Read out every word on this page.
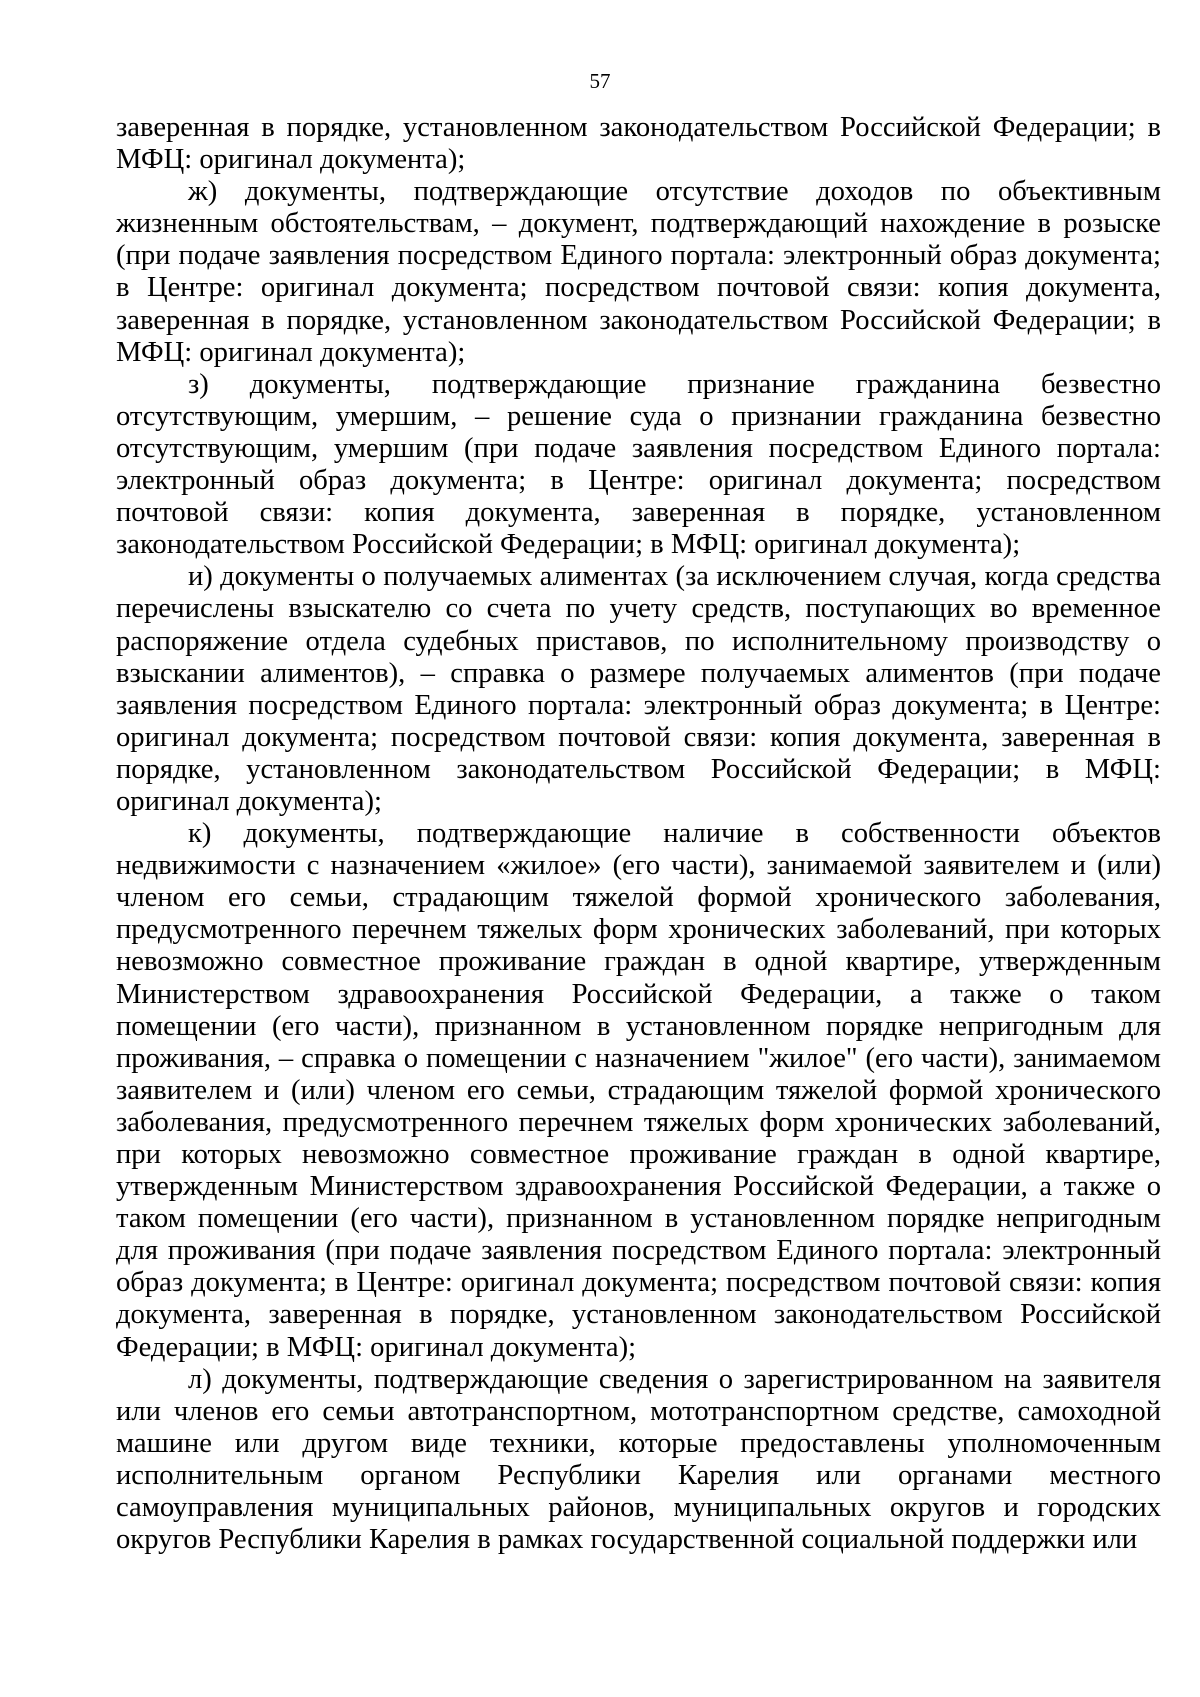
57

заверенная в порядке, установленном законодательством Российской Федерации; в МФЦ: оригинал документа);

ж) документы, подтверждающие отсутствие доходов по объективным жизненным обстоятельствам, – документ, подтверждающий нахождение в розыске (при подаче заявления посредством Единого портала: электронный образ документа; в Центре: оригинал документа; посредством почтовой связи: копия документа, заверенная в порядке, установленном законодательством Российской Федерации; в МФЦ: оригинал документа);

з) документы, подтверждающие признание гражданина безвестно отсутствующим, умершим, – решение суда о признании гражданина безвестно отсутствующим, умершим (при подаче заявления посредством Единого портала: электронный образ документа; в Центре: оригинал документа; посредством почтовой связи: копия документа, заверенная в порядке, установленном законодательством Российской Федерации; в МФЦ: оригинал документа);

и) документы о получаемых алиментах (за исключением случая, когда средства перечислены взыскателю со счета по учету средств, поступающих во временное распоряжение отдела судебных приставов, по исполнительному производству о взыскании алиментов), – справка о размере получаемых алиментов (при подаче заявления посредством Единого портала: электронный образ документа; в Центре: оригинал документа; посредством почтовой связи: копия документа, заверенная в порядке, установленном законодательством Российской Федерации; в МФЦ: оригинал документа);

к) документы, подтверждающие наличие в собственности объектов недвижимости с назначением «жилое» (его части), занимаемой заявителем и (или) членом его семьи, страдающим тяжелой формой хронического заболевания, предусмотренного перечнем тяжелых форм хронических заболеваний, при которых невозможно совместное проживание граждан в одной квартире, утвержденным Министерством здравоохранения Российской Федерации, а также о таком помещении (его части), признанном в установленном порядке непригодным для проживания, – справка о помещении с назначением "жилое" (его части), занимаемом заявителем и (или) членом его семьи, страдающим тяжелой формой хронического заболевания, предусмотренного перечнем тяжелых форм хронических заболеваний, при которых невозможно совместное проживание граждан в одной квартире, утвержденным Министерством здравоохранения Российской Федерации, а также о таком помещении (его части), признанном в установленном порядке непригодным для проживания (при подаче заявления посредством Единого портала: электронный образ документа; в Центре: оригинал документа; посредством почтовой связи: копия документа, заверенная в порядке, установленном законодательством Российской Федерации; в МФЦ: оригинал документа);

л) документы, подтверждающие сведения о зарегистрированном на заявителя или членов его семьи автотранспортном, мототранспортном средстве, самоходной машине или другом виде техники, которые предоставлены уполномоченным исполнительным органом Республики Карелия или органами местного самоуправления муниципальных районов, муниципальных округов и городских округов Республики Карелия в рамках государственной социальной поддержки или
